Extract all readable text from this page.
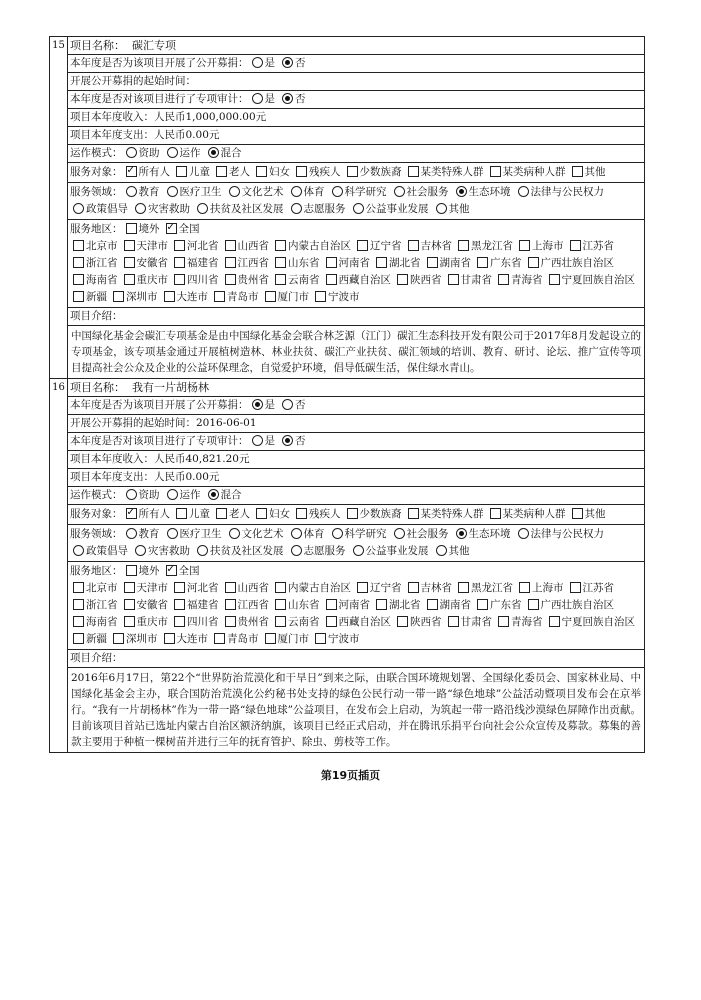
15 项目名称： 碳汇专项
本年度是否为该项目开展了公开募捐： 是 否
开展公开募捐的起始时间：
本年度是否对该项目进行了专项审计： 是 否
项目本年度收入：人民币1,000,000.00元
项目本年度支出：人民币0.00元
运作模式： 资助 运作 混合
服务对象： ✓ 所有人 儿童 老人 妇女 残疾人 少数族裔 某类特殊人群 某类病种人群 其他
服务领域： 教育 医疗卫生 文化艺术 体育 科学研究 社会服务 生态环境 法律与公民权力政策倡导 灾害救助 扶贫及社区发展 志愿服务 公益事业发展 其他
服务地区： 境外 ✓ 全国
北京市 天津市 河北省 山西省 内蒙古自治区 辽宁省 吉林省 黑龙江省 上海市 江苏省浙江省 安徽省 福建省 江西省 山东省 河南省 湖北省 湖南省 广东省 广西壮族自治区海南省 重庆市 四川省 贵州省 云南省 西藏自治区 陕西省 甘肃省 青海省 宁夏回族自治区新疆 深圳市 大连市 青岛市 厦门市 宁波市
项目介绍：
中国绿化基金会碳汇专项基金是由中国绿化基金会联合林芝源（江门）碳汇生态科技开发有限公司于2017年8月发起设立的专项基金，该专项基金通过开展植树造林、林业扶贫、碳汇产业扶贫、碳汇领域的培训、教育、研讨、论坛、推广宣传等项目提高社会公众及企业的公益环保理念，自觉爱护环境，倡导低碳生活，保住绿水青山。
16 项目名称： 我有一片胡杨林
本年度是否为该项目开展了公开募捐： 是 否
开展公开募捐的起始时间：2016-06-01
本年度是否对该项目进行了专项审计： 是 否
项目本年度收入：人民币40,821.20元
项目本年度支出：人民币0.00元
运作模式： 资助 运作 混合
服务对象： ✓ 所有人 儿童 老人 妇女 残疾人 少数族裔 某类特殊人群 某类病种人群 其他
服务领域： 教育 医疗卫生 文化艺术 体育 科学研究 社会服务 生态环境 法律与公民权力政策倡导 灾害救助 扶贫及社区发展 志愿服务 公益事业发展 其他
服务地区： 境外 ✓ 全国
北京市 天津市 河北省 山西省 内蒙古自治区 辽宁省 吉林省 黑龙江省 上海市 江苏省浙江省 安徽省 福建省 江西省 山东省 河南省 湖北省 湖南省 广东省 广西壮族自治区海南省 重庆市 四川省 贵州省 云南省 西藏自治区 陕西省 甘肃省 青海省 宁夏回族自治区新疆 深圳市 大连市 青岛市 厦门市 宁波市
项目介绍：
2016年6月17日，第22个“世界防治荒漠化和干旱日”到来之际，由联合国环境规划署、全国绿化委员会、国家林业局、中国绿化基金会主办，联合国防治荒漠化公约秘书处支持的绿色公民行动一带一路“绿色地球”公益活动暨项目发布会在京举行。“我有一片胡杨林”作为一带一路“绿色地球”公益项目，在发布会上启动，为筑起一带一路沿线沙漠绿色屏障作出贡献。目前该项目首站已选址内蒙古自治区额济纳旗，该项目已经正式启动，并在腾讯乐捐平台向社会公众宣传及募款。募集的善款主要用于种植一棵树苗并进行三年的抚育管护、除虫、剪枝等工作。
第19页插页
